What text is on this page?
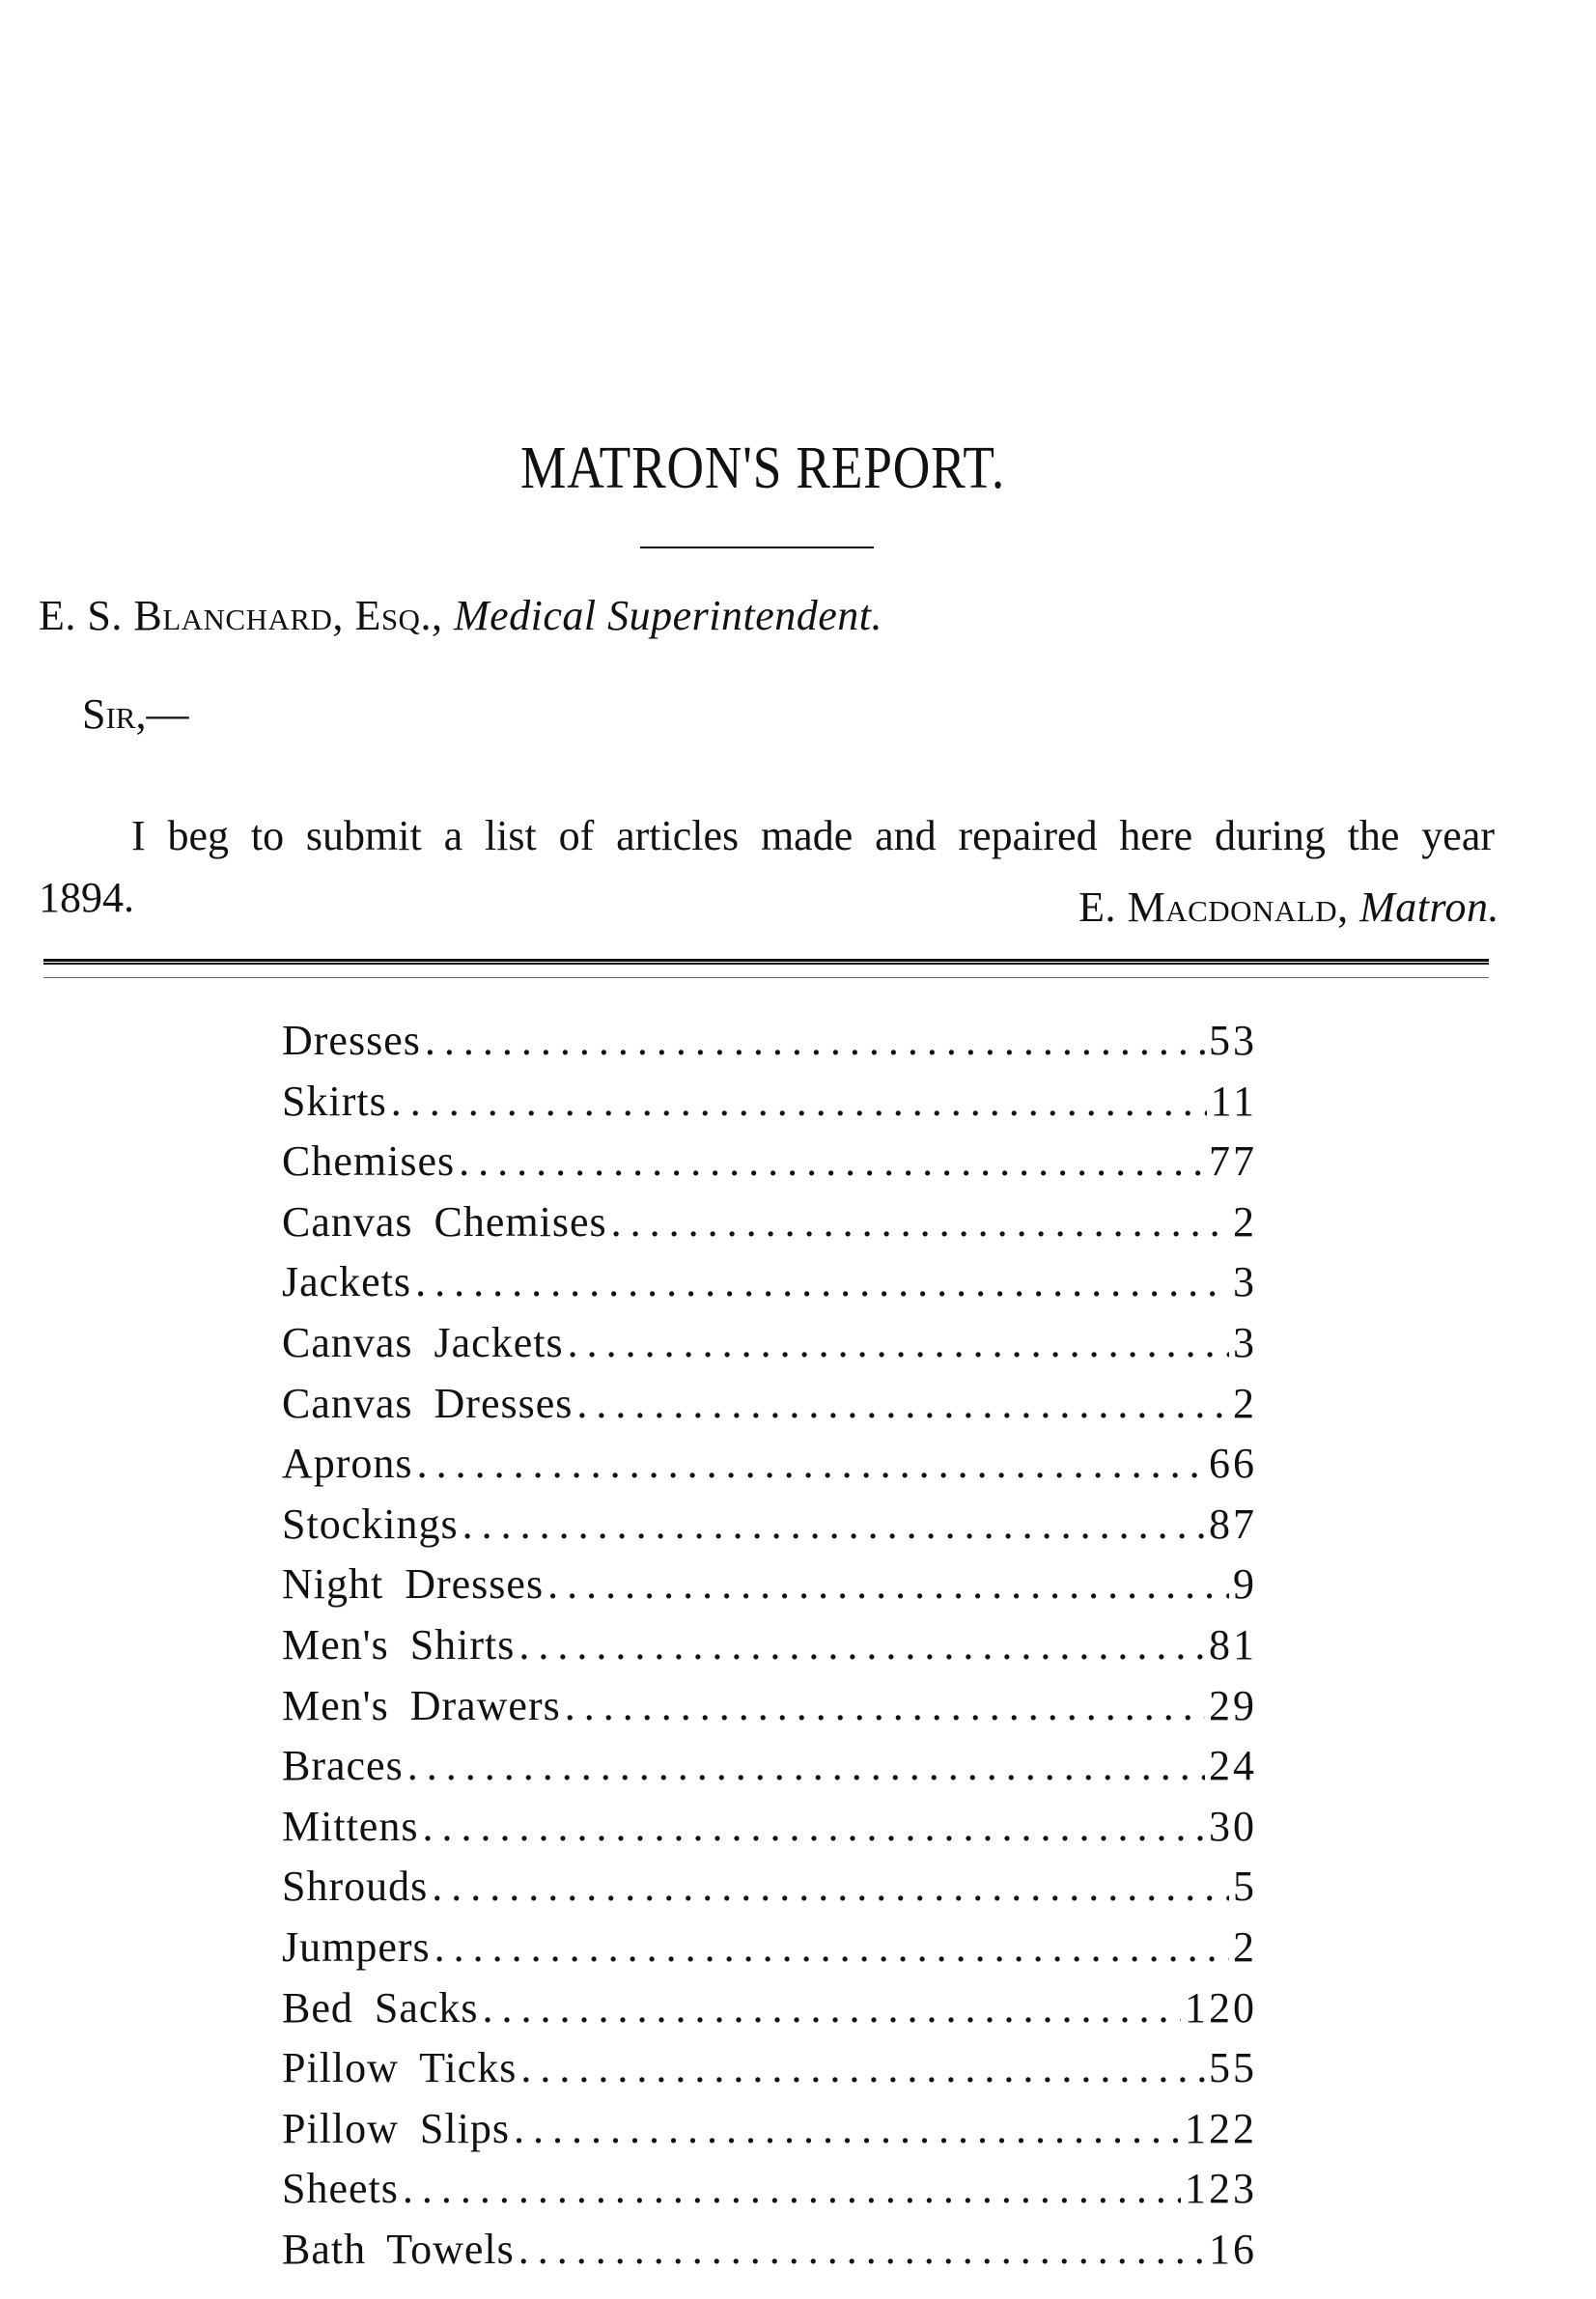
MATRON'S REPORT.
E. S. Blanchard, Esq., Medical Superintendent.
Sir,—

I beg to submit a list of articles made and repaired here during the year 1894.	E. Macdonald, Matron.
Dresses .....	53
Skirts .....	11
Chemises .....	77
Canvas Chemises .....	2
Jackets .....	3
Canvas Jackets .....	3
Canvas Dresses .....	2
Aprons .....	66
Stockings .....	87
Night Dresses .....	9
Men's Shirts .....	81
Men's Drawers .....	29
Braces .....	24
Mittens .....	30
Shrouds .....	5
Jumpers .....	2
Bed Sacks .....	120
Pillow Ticks .....	55
Pillow Slips .....	122
Sheets .....	123
Bath Towels .....	16
